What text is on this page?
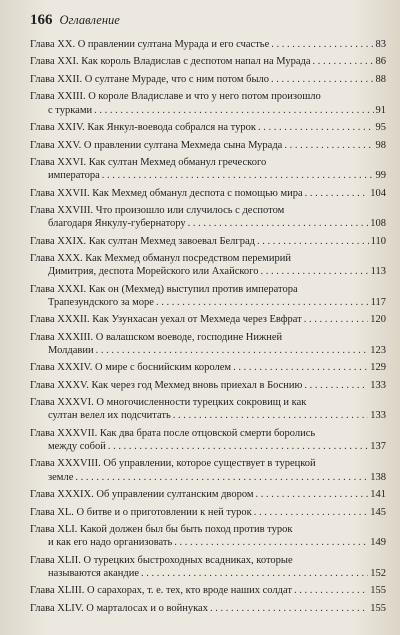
166 Оглавление
Глава XX. О правлении султана Мурада и его счастье . . .	83
Глава XXI. Как король Владислав с деспотом напал на Мурада . . .	86
Глава XXII. О султане Мураде, что с ним потом было . . .	88
Глава XXIII. О короле Владиславе и что у него потом произошло
с турками . . .	91
Глава XXIV. Как Янкул-воевода собрался на турок . . .	95
Глава XXV. О правлении султана Мехмеда сына Мурада . . .	98
Глава XXVI. Как султан Мехмед обманул греческого
императора . . .	99
Глава XXVII. Как Мехмед обманул деспота с помощью мира . . .	104
Глава XXVIII. Что произошло или случилось с деспотом
благодаря Янкулу-губернатору . . .	108
Глава XXIX. Как султан Мехмед завоевал Белград . . .	110
Глава XXX. Как Мехмед обманул посредством перемирий
Димитрия, деспота Морейского или Ахайского . . .	113
Глава XXXI. Как он (Мехмед) выступил против императора
Трапезундского за море . . .	117
Глава XXXII. Как Узунхасан уехал от Мехмеда через Евфрат . . .	120
Глава XXXIII. О валашском воеводе, господине Нижней
Молдавии . . .	123
Глава XXXIV. О мире с боснийским королем . . .	129
Глава XXXV. Как через год Мехмед вновь приехал в Боснию . . .	133
Глава XXXVI. О многочисленности турецких сокровищ и как
султан велел их подсчитать . . .	133
Глава XXXVII. Как два брата после отцовской смерти боролись
между собой . . .	137
Глава XXXVIII. Об управлении, которое существует в турецкой
земле . . .	138
Глава XXXIX. Об управлении султанским двором . . .	141
Глава XL. О битве и о приготовлении к ней турок . . .	145
Глава XLI. Какой должен был бы быть поход против турок
и как его надо организовать . . .	149
Глава XLII. О турецких быстроходных всадниках, которые
называются акандие . . .	152
Глава XLIII. О сарахорах, т. е. тех, кто вроде наших солдат . . .	155
Глава XLIV. О марталосах и о войнуках . . .	155
